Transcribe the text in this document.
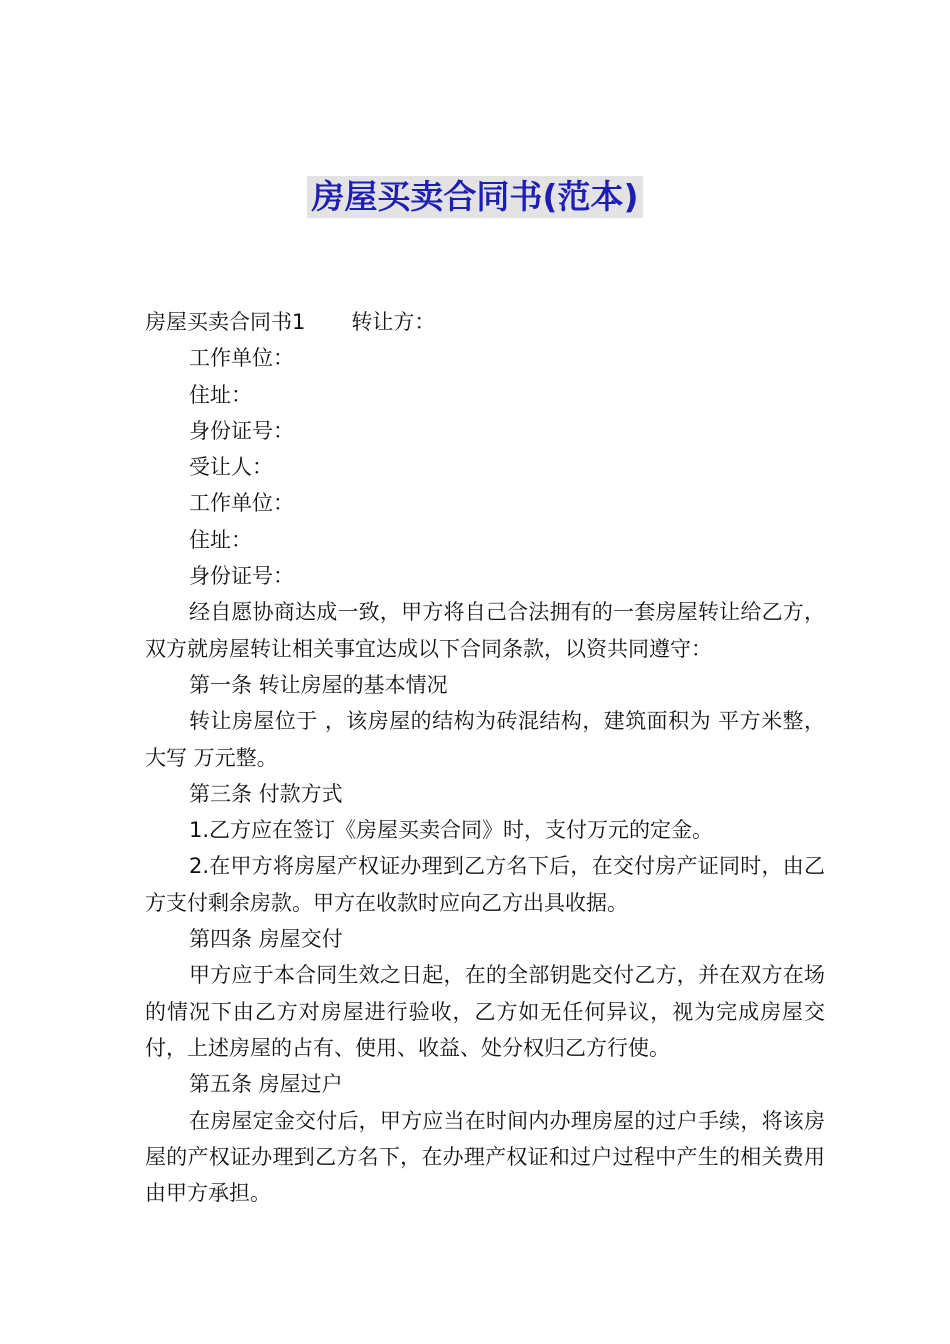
房屋买卖合同书(范本)

房屋买卖合同书1 转让方：

工作单位：

住址：

身份证号：

受让人：

工作单位：

住址：

身份证号：

经自愿协商达成一致，甲方将自己合法拥有的一套房屋转让给乙方，双方就房屋转让相关事宜达成以下合同条款，以资共同遵守：

第一条 转让房屋的基本情况

转让房屋位于 ，该房屋的结构为砖混结构，建筑面积为 平方米整，大写 万元整。

第三条 付款方式

1.乙方应在签订《房屋买卖合同》时，支付万元的定金。

2.在甲方将房屋产权证办理到乙方名下后，在交付房产证同时，由乙方支付剩余房款。甲方在收款时应向乙方出具收据。

第四条 房屋交付

甲方应于本合同生效之日起，在的全部钥匙交付乙方，并在双方在场的情况下由乙方对房屋进行验收，乙方如无任何异议，视为完成房屋交付，上述房屋的占有、使用、收益、处分权归乙方行使。

第五条 房屋过户

在房屋定金交付后，甲方应当在时间内办理房屋的过户手续，将该房屋的产权证办理到乙方名下，在办理产权证和过户过程中产生的相关费用由甲方承担。
